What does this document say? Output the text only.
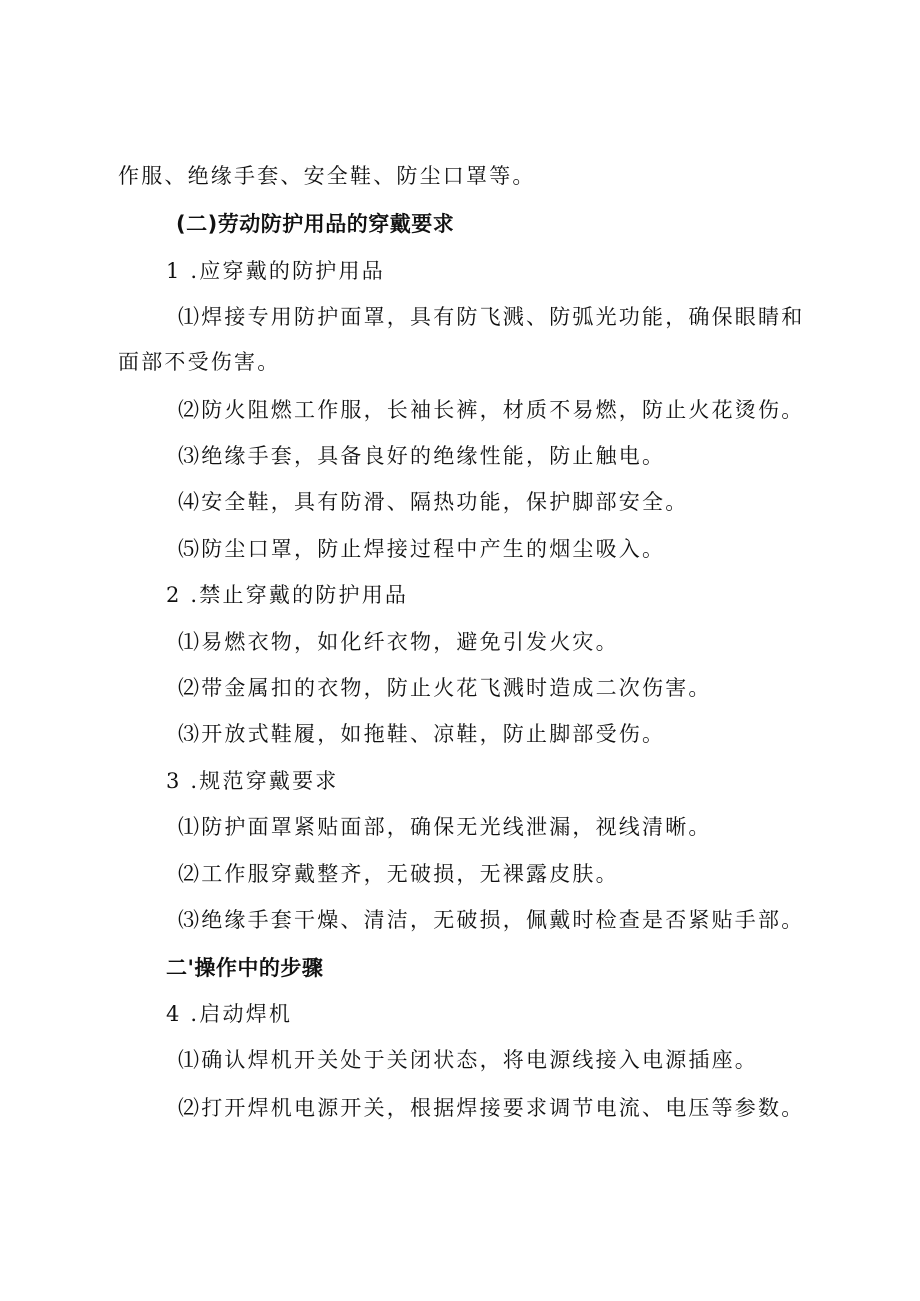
作服、绝缘手套、安全鞋、防尘口罩等。
(二)劳动防护用品的穿戴要求
1 .应穿戴的防护用品
⑴焊接专用防护面罩，具有防飞溅、防弧光功能，确保眼睛和
面部不受伤害。
⑵防火阻燃工作服，长袖长裤，材质不易燃，防止火花烫伤。
⑶绝缘手套，具备良好的绝缘性能，防止触电。
⑷安全鞋，具有防滑、隔热功能，保护脚部安全。
⑸防尘口罩，防止焊接过程中产生的烟尘吸入。
2 .禁止穿戴的防护用品
⑴易燃衣物，如化纤衣物，避免引发火灾。
⑵带金属扣的衣物，防止火花飞溅时造成二次伤害。
⑶开放式鞋履，如拖鞋、凉鞋，防止脚部受伤。
3 .规范穿戴要求
⑴防护面罩紧贴面部，确保无光线泄漏，视线清晰。
⑵工作服穿戴整齐，无破损，无裸露皮肤。
⑶绝缘手套干燥、清洁，无破损，佩戴时检查是否紧贴手部。
二'操作中的步骤
4 .启动焊机
⑴确认焊机开关处于关闭状态，将电源线接入电源插座。
⑵打开焊机电源开关，根据焊接要求调节电流、电压等参数。
